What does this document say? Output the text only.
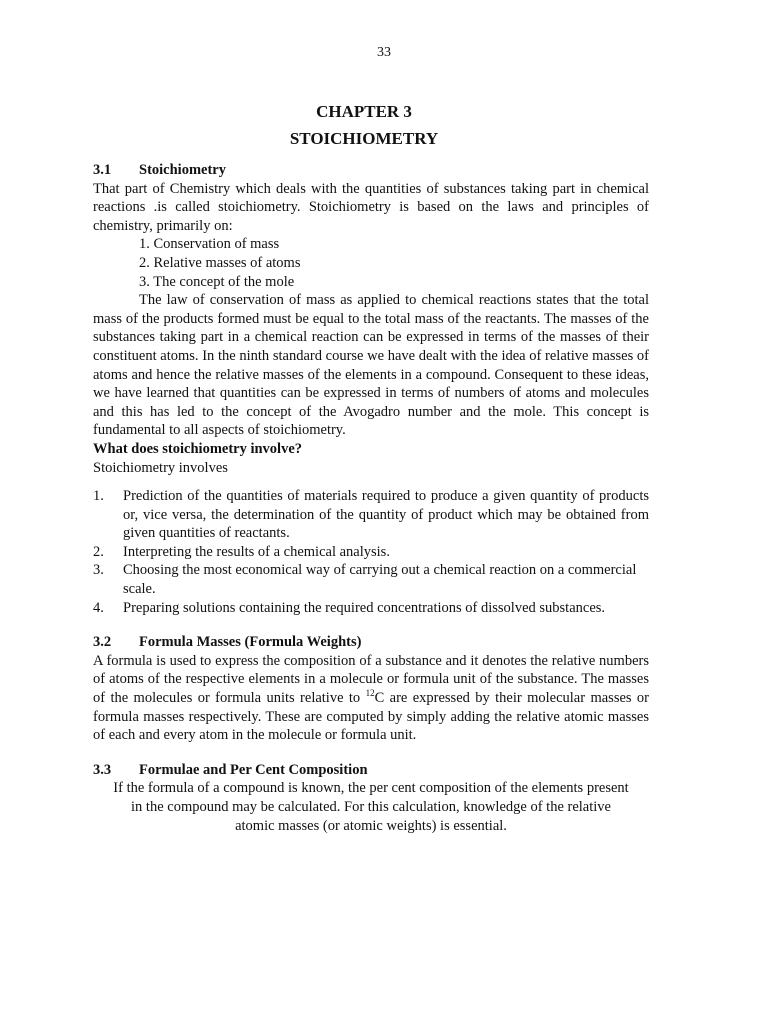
33
CHAPTER 3
STOICHIOMETRY
3.1 Stoichiometry

That part of Chemistry which deals with the quantities of substances taking part in chemical reactions .is called stoichiometry. Stoichiometry is based on the laws and principles of chemistry, primarily on:

1. Conservation of mass
2. Relative masses of atoms
3. The concept of the mole

The law of conservation of mass as applied to chemical reactions states that the total mass of the products formed must be equal to the total mass of the reactants. The masses of the substances taking part in a chemical reaction can be expressed in terms of the masses of their constituent atoms. In the ninth standard course we have dealt with the idea of relative masses of atoms and hence the relative masses of the elements in a compound. Consequent to these ideas, we have learned that quantities can be expressed in terms of numbers of atoms and molecules and this has led to the concept of the Avogadro number and the mole. This concept is fundamental to all aspects of stoichiometry.

What does stoichiometry involve?

Stoichiometry involves

1.	Prediction of the quantities of materials required to produce a given quantity of products or, vice versa, the determination of the quantity of product which may be obtained from given quantities of reactants.
2.	Interpreting the results of a chemical analysis.
3.	Choosing the most economical way of carrying out a chemical reaction on a commercial scale.
4.	Preparing solutions containing the required concentrations of dissolved substances.
3.2 Formula Masses (Formula Weights)

A formula is used to express the composition of a substance and it denotes the relative numbers of atoms of the respective elements in a molecule or formula unit of the substance. The masses of the molecules or formula units relative to $^{12}$C are expressed by their molecular masses or formula masses respectively. These are computed by simply adding the relative atomic masses of each and every atom in the molecule or formula unit.

3.3 Formulae and Per Cent Composition
If the formula of a compound is known, the per cent composition of the elements present
in the compound may be calculated. For this calculation, knowledge of the relative
atomic masses (or atomic weights) is essential.
